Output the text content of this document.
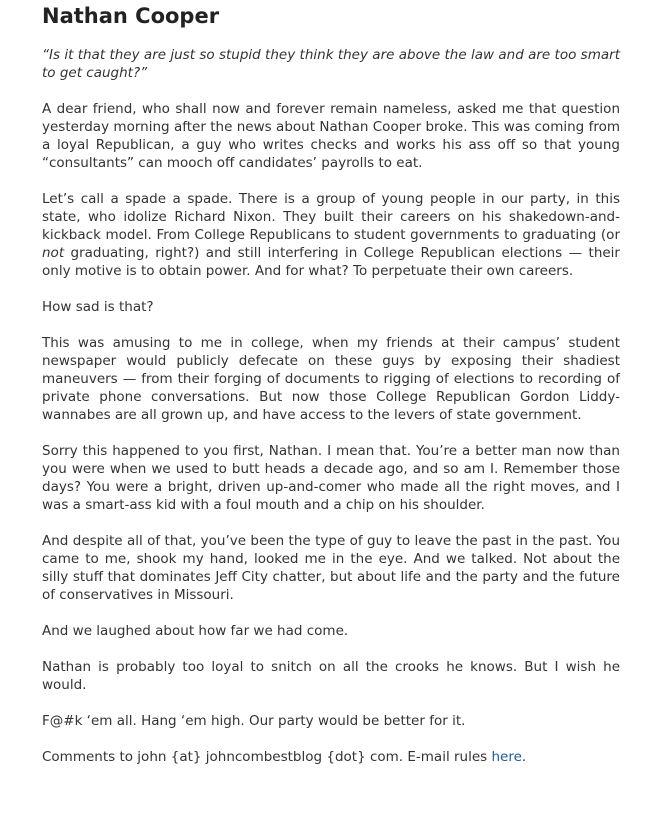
Nathan Cooper

“Is it that they are just so stupid they think they are above the law and are too smart to get caught?”

A dear friend, who shall now and forever remain nameless, asked me that question yesterday morning after the news about Nathan Cooper broke. This was coming from a loyal Republican, a guy who writes checks and works his ass off so that young “consultants” can mooch off candidates’ payrolls to eat.

Let’s call a spade a spade. There is a group of young people in our party, in this state, who idolize Richard Nixon. They built their careers on his shakedown-and-kickback model. From College Republicans to student governments to graduating (or not graduating, right?) and still interfering in College Republican elections — their only motive is to obtain power. And for what? To perpetuate their own careers.

How sad is that?

This was amusing to me in college, when my friends at their campus’ student newspaper would publicly defecate on these guys by exposing their shadiest maneuvers — from their forging of documents to rigging of elections to recording of private phone conversations. But now those College Republican Gordon Liddy-wannabes are all grown up, and have access to the levers of state government.

Sorry this happened to you first, Nathan. I mean that. You’re a better man now than you were when we used to butt heads a decade ago, and so am I. Remember those days? You were a bright, driven up-and-comer who made all the right moves, and I was a smart-ass kid with a foul mouth and a chip on his shoulder.

And despite all of that, you’ve been the type of guy to leave the past in the past. You came to me, shook my hand, looked me in the eye. And we talked. Not about the silly stuff that dominates Jeff City chatter, but about life and the party and the future of conservatives in Missouri.

And we laughed about how far we had come.

Nathan is probably too loyal to snitch on all the crooks he knows. But I wish he would.

F@#k ‘em all. Hang ‘em high. Our party would be better for it.

Comments to john {at} johncombestblog {dot} com. E-mail rules here.
